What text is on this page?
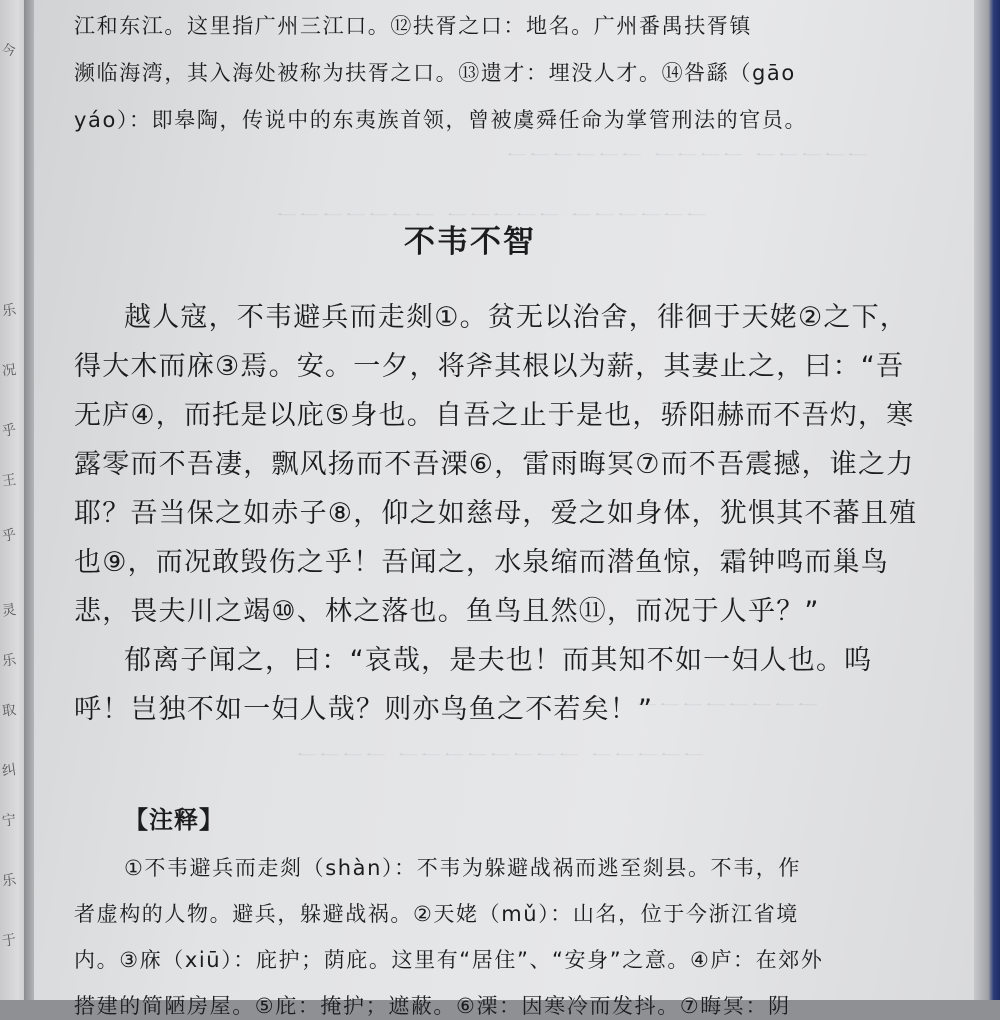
今
乐
况
乎
王
乎
灵
乐
取
纠
宁
乐
于
一一一一一 一一一一 一一一一一一
一一一一一一 一一一一一 一一一一一一一
一一一一一一一一
一一一一一 一一一一一一一一 一一一一
江和东江。这里指广州三江口。⑫扶胥之口：地名。广州番禺扶胥镇
濒临海湾，其入海处被称为扶胥之口。⑬遗才：埋没人才。⑭咎繇（gāo
yáo）：即皋陶，传说中的东夷族首领，曾被虞舜任命为掌管刑法的官员。
不韦不智
越人寇，不韦避兵而走剡①。贫无以治舍，徘徊于天姥②之下，
得大木而庥③焉。安。一夕，将斧其根以为薪，其妻止之，曰：“吾
无庐④，而托是以庇⑤身也。自吾之止于是也，骄阳赫而不吾灼，寒
露零而不吾凄，飘风扬而不吾溧⑥，雷雨晦冥⑦而不吾震撼，谁之力
耶？吾当保之如赤子⑧，仰之如慈母，爱之如身体，犹惧其不蕃且殖
也⑨，而况敢毁伤之乎！吾闻之，水泉缩而潜鱼惊，霜钟鸣而巢鸟
悲，畏夫川之竭⑩、林之落也。鱼鸟且然⑪，而况于人乎？”
郁离子闻之，曰：“哀哉，是夫也！而其知不如一妇人也。呜
呼！岂独不如一妇人哉？则亦鸟鱼之不若矣！”
【注释】
①不韦避兵而走剡（shàn）：不韦为躲避战祸而逃至剡县。不韦，作
者虚构的人物。避兵，躲避战祸。②天姥（mǔ）：山名，位于今浙江省境
内。③庥（xiū）：庇护；荫庇。这里有“居住”、“安身”之意。④庐：在郊外
搭建的简陋房屋。⑤庇：掩护；遮蔽。⑥溧：因寒冷而发抖。⑦晦冥：阴
